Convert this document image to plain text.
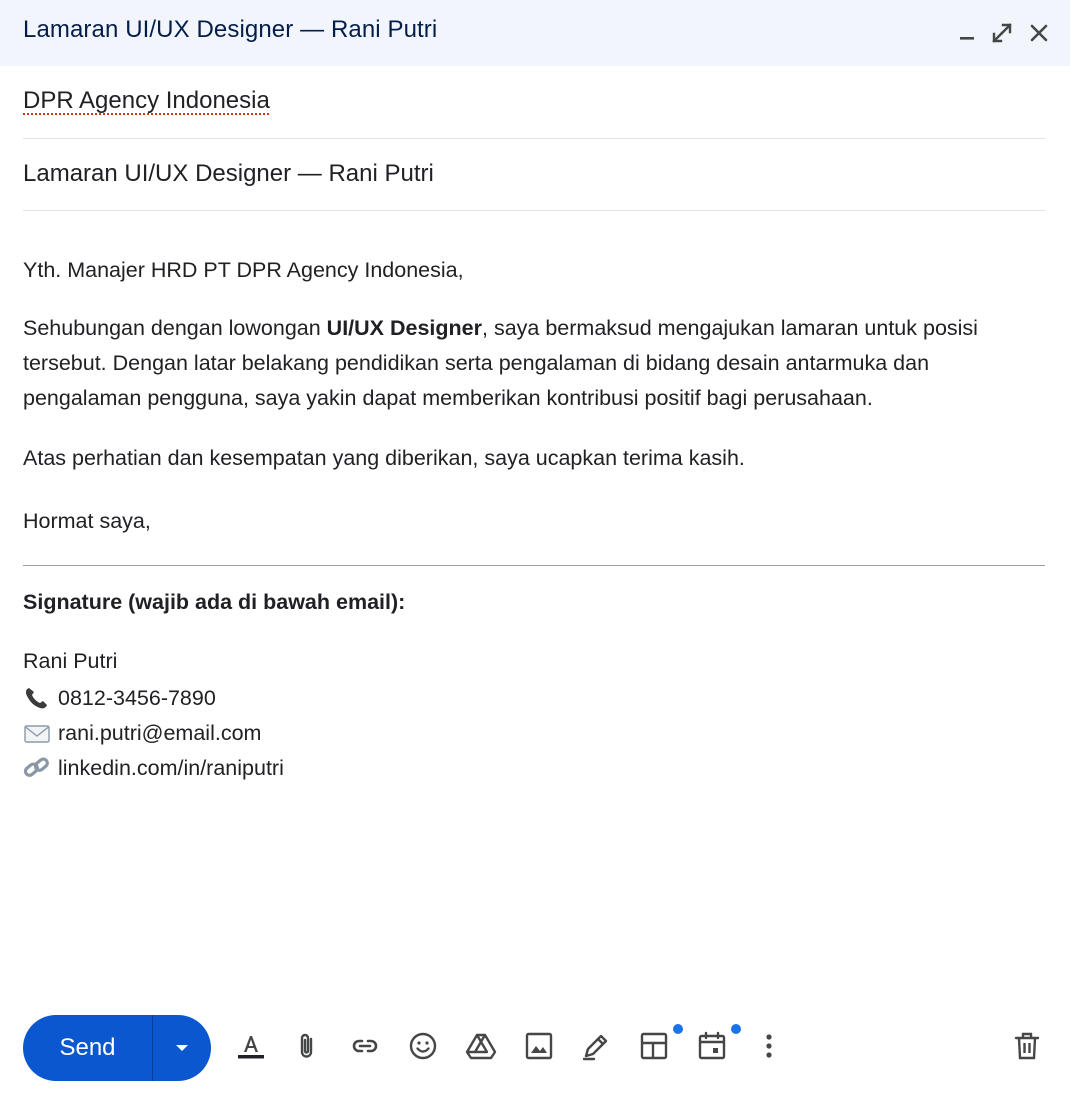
Lamaran UI/UX Designer — Rani Putri
DPR Agency Indonesia
Lamaran UI/UX Designer — Rani Putri

Yth. Manajer HRD PT DPR Agency Indonesia,

Sehubungan dengan lowongan UI/UX Designer, saya bermaksud mengajukan lamaran untuk posisi tersebut. Dengan latar belakang pendidikan serta pengalaman di bidang desain antarmuka dan pengalaman pengguna, saya yakin dapat memberikan kontribusi positif bagi perusahaan.

Atas perhatian dan kesempatan yang diberikan, saya ucapkan terima kasih.

Hormat saya,

Signature (wajib ada di bawah email):
Rani Putri
0812-3456-7890
rani.putri@email.com
linkedin.com/in/raniputri
Send
